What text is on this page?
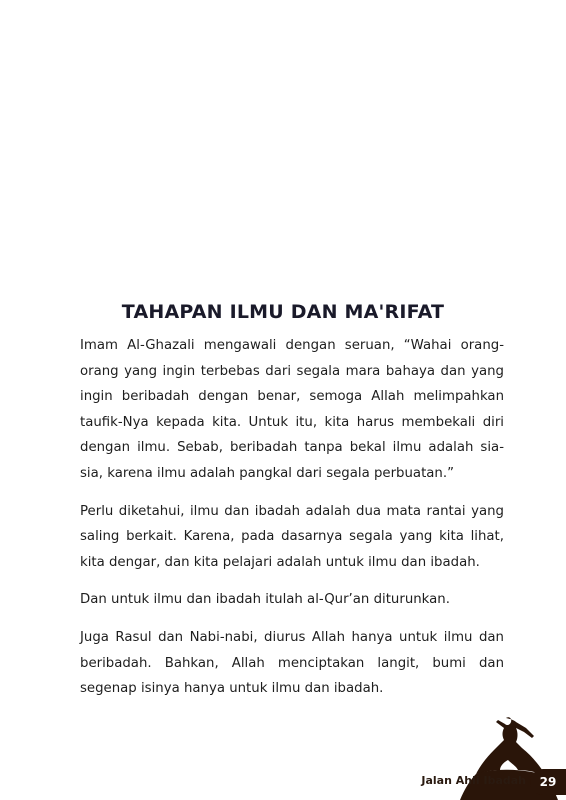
TAHAPAN ILMU DAN MA'RIFAT

Imam Al-Ghazali mengawali dengan seruan, “Wahai orang-orang yang ingin terbebas dari segala mara bahaya dan yang ingin beribadah dengan benar, semoga Allah melimpahkan taufik-Nya kepada kita. Untuk itu, kita harus membekali diri dengan ilmu. Sebab, beribadah tanpa bekal ilmu adalah sia-sia, karena ilmu adalah pangkal dari segala perbuatan.”

Perlu diketahui, ilmu dan ibadah adalah dua mata rantai yang saling berkait. Karena, pada dasarnya segala yang kita lihat, kita dengar, dan kita pelajari adalah untuk ilmu dan ibadah.

Dan untuk ilmu dan ibadah itulah al-Qur’an diturunkan.

Juga Rasul dan Nabi-nabi, diurus Allah hanya untuk ilmu dan beribadah. Bahkan, Allah menciptakan langit, bumi dan segenap isinya hanya untuk ilmu dan ibadah.

Jalan Ahli Ibadah	29
